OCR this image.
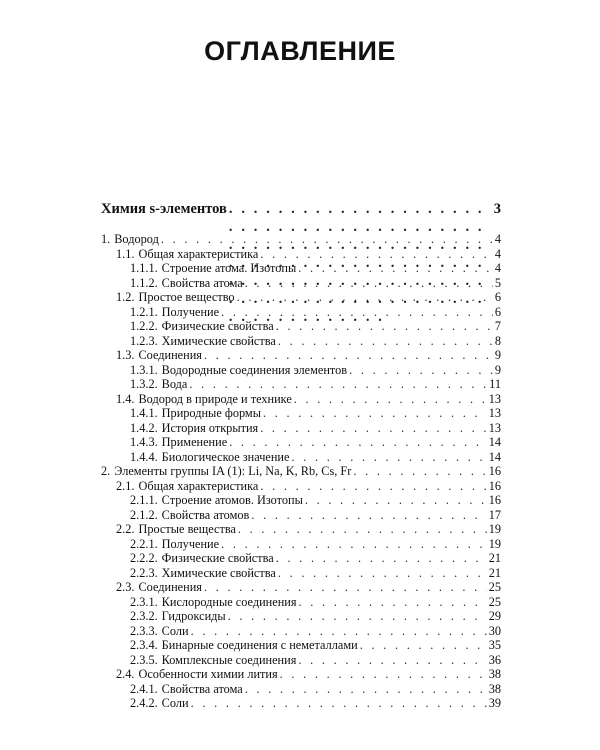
ОГЛАВЛЕНИЕ
Химия s-элементов . . .	3
1. Водород . . .	4
1.1. Общая характеристика . . .	4
1.1.1. Строение атома. Изотопы . . .	4
1.1.2. Свойства атома . . .	5
1.2. Простое вещество . . .	6
1.2.1. Получение . . .	6
1.2.2. Физические свойства . . .	7
1.2.3. Химические свойства . . .	8
1.3. Соединения . . .	9
1.3.1. Водородные соединения элементов . . .	9
1.3.2. Вода . . .	11
1.4. Водород в природе и технике . . .	13
1.4.1. Природные формы . . .	13
1.4.2. История открытия . . .	13
1.4.3. Применение . . .	14
1.4.4. Биологическое значение . . .	14
2. Элементы группы IA (1): Li, Na, K, Rb, Cs, Fr . . .	16
2.1. Общая характеристика . . .	16
2.1.1. Строение атомов. Изотопы . . .	16
2.1.2. Свойства атомов . . .	17
2.2. Простые вещества . . .	19
2.2.1. Получение . . .	19
2.2.2. Физические свойства . . .	21
2.2.3. Химические свойства . . .	21
2.3. Соединения . . .	25
2.3.1. Кислородные соединения . . .	25
2.3.2. Гидроксиды . . .	29
2.3.3. Соли . . .	30
2.3.4. Бинарные соединения с неметаллами . . .	35
2.3.5. Комплексные соединения . . .	36
2.4. Особенности химии лития . . .	38
2.4.1. Свойства атома . . .	38
2.4.2. Соли . . .	39
